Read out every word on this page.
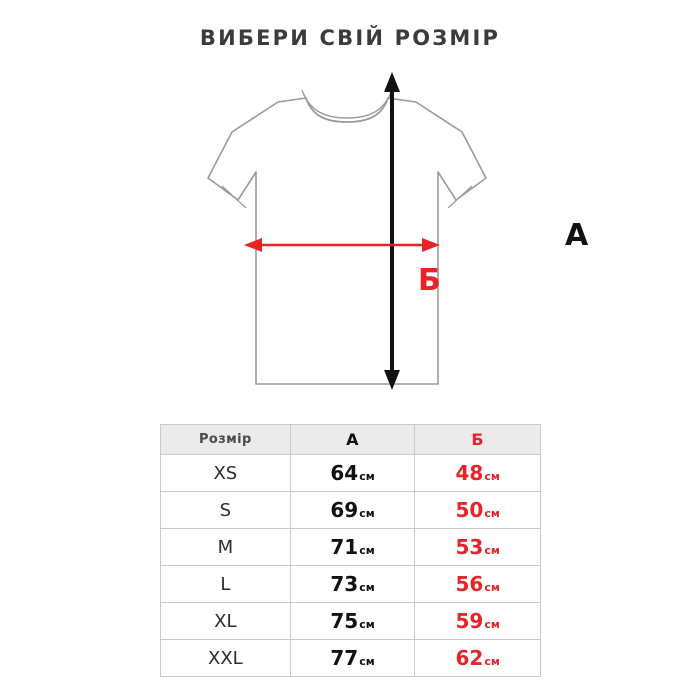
ВИБЕРИ СВІЙ РОЗМІР
А
Б
Розмір	А	Б
XS	64 см	48 см

S	69 см	50 см

M	71 см	53 см

L	73 см	56 см

XL	75 см	59 см

XXL	77 см	62 см
